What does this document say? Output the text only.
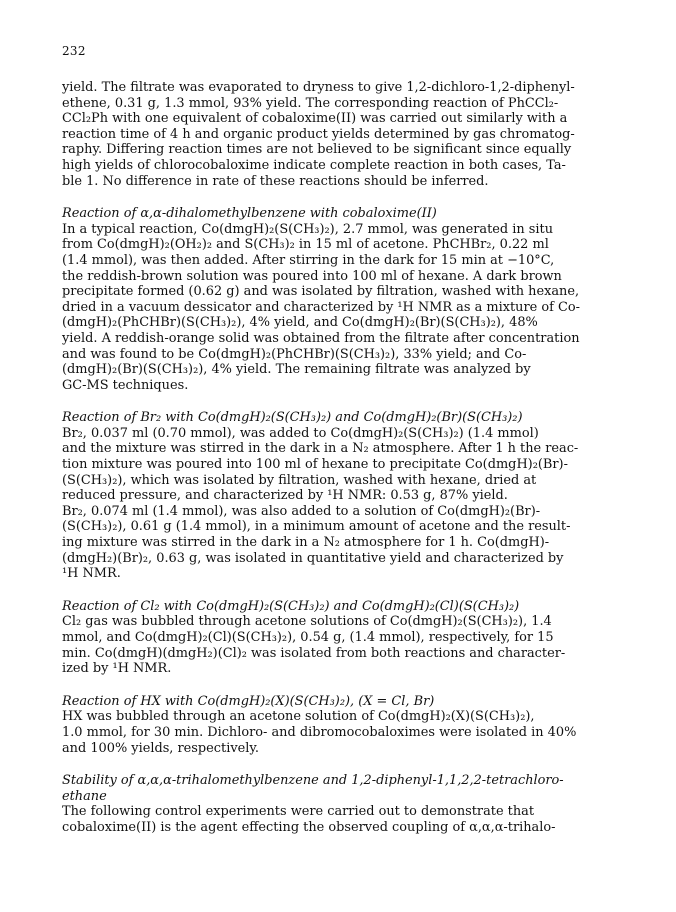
232

yield. The filtrate was evaporated to dryness to give 1,2-dichloro-1,2-diphenyl-
ethene, 0.31 g, 1.3 mmol, 93% yield. The corresponding reaction of PhCCl₂-
CCl₂Ph with one equivalent of cobaloxime(II) was carried out similarly with a
reaction time of 4 h and organic product yields determined by gas chromatog-
raphy. Differing reaction times are not believed to be significant since equally
high yields of chlorocobaloxime indicate complete reaction in both cases, Ta-
ble 1. No difference in rate of these reactions should be inferred.

Reaction of α,α-dihalomethylbenzene with cobaloxime(II)

In a typical reaction, Co(dmgH)₂(S(CH₃)₂), 2.7 mmol, was generated in situ
from Co(dmgH)₂(OH₂)₂ and S(CH₃)₂ in 15 ml of acetone. PhCHBr₂, 0.22 ml
(1.4 mmol), was then added. After stirring in the dark for 15 min at −10°C,
the reddish-brown solution was poured into 100 ml of hexane. A dark brown
precipitate formed (0.62 g) and was isolated by filtration, washed with hexane,
dried in a vacuum dessicator and characterized by ¹H NMR as a mixture of Co-
(dmgH)₂(PhCHBr)(S(CH₃)₂), 4% yield, and Co(dmgH)₂(Br)(S(CH₃)₂), 48%
yield. A reddish-orange solid was obtained from the filtrate after concentration
and was found to be Co(dmgH)₂(PhCHBr)(S(CH₃)₂), 33% yield; and Co-
(dmgH)₂(Br)(S(CH₃)₂), 4% yield. The remaining filtrate was analyzed by
GC-MS techniques.

Reaction of Br₂ with Co(dmgH)₂(S(CH₃)₂) and Co(dmgH)₂(Br)(S(CH₃)₂)

Br₂, 0.037 ml (0.70 mmol), was added to Co(dmgH)₂(S(CH₃)₂) (1.4 mmol)
and the mixture was stirred in the dark in a N₂ atmosphere. After 1 h the reac-
tion mixture was poured into 100 ml of hexane to precipitate Co(dmgH)₂(Br)-
(S(CH₃)₂), which was isolated by filtration, washed with hexane, dried at
reduced pressure, and characterized by ¹H NMR: 0.53 g, 87% yield.

Br₂, 0.074 ml (1.4 mmol), was also added to a solution of Co(dmgH)₂(Br)-
(S(CH₃)₂), 0.61 g (1.4 mmol), in a minimum amount of acetone and the result-
ing mixture was stirred in the dark in a N₂ atmosphere for 1 h. Co(dmgH)-
(dmgH₂)(Br)₂, 0.63 g, was isolated in quantitative yield and characterized by
¹H NMR.

Reaction of Cl₂ with Co(dmgH)₂(S(CH₃)₂) and Co(dmgH)₂(Cl)(S(CH₃)₂)

Cl₂ gas was bubbled through acetone solutions of Co(dmgH)₂(S(CH₃)₂), 1.4
mmol, and Co(dmgH)₂(Cl)(S(CH₃)₂), 0.54 g, (1.4 mmol), respectively, for 15
min. Co(dmgH)(dmgH₂)(Cl)₂ was isolated from both reactions and character-
ized by ¹H NMR.

Reaction of HX with Co(dmgH)₂(X)(S(CH₃)₂), (X = Cl, Br)

HX was bubbled through an acetone solution of Co(dmgH)₂(X)(S(CH₃)₂),
1.0 mmol, for 30 min. Dichloro- and dibromocobaloximes were isolated in 40%
and 100% yields, respectively.

Stability of α,α,α-trihalomethylbenzene and 1,2-diphenyl-1,1,2,2-tetrachloro-
ethane

The following control experiments were carried out to demonstrate that
cobaloxime(II) is the agent effecting the observed coupling of α,α,α-trihalo-
